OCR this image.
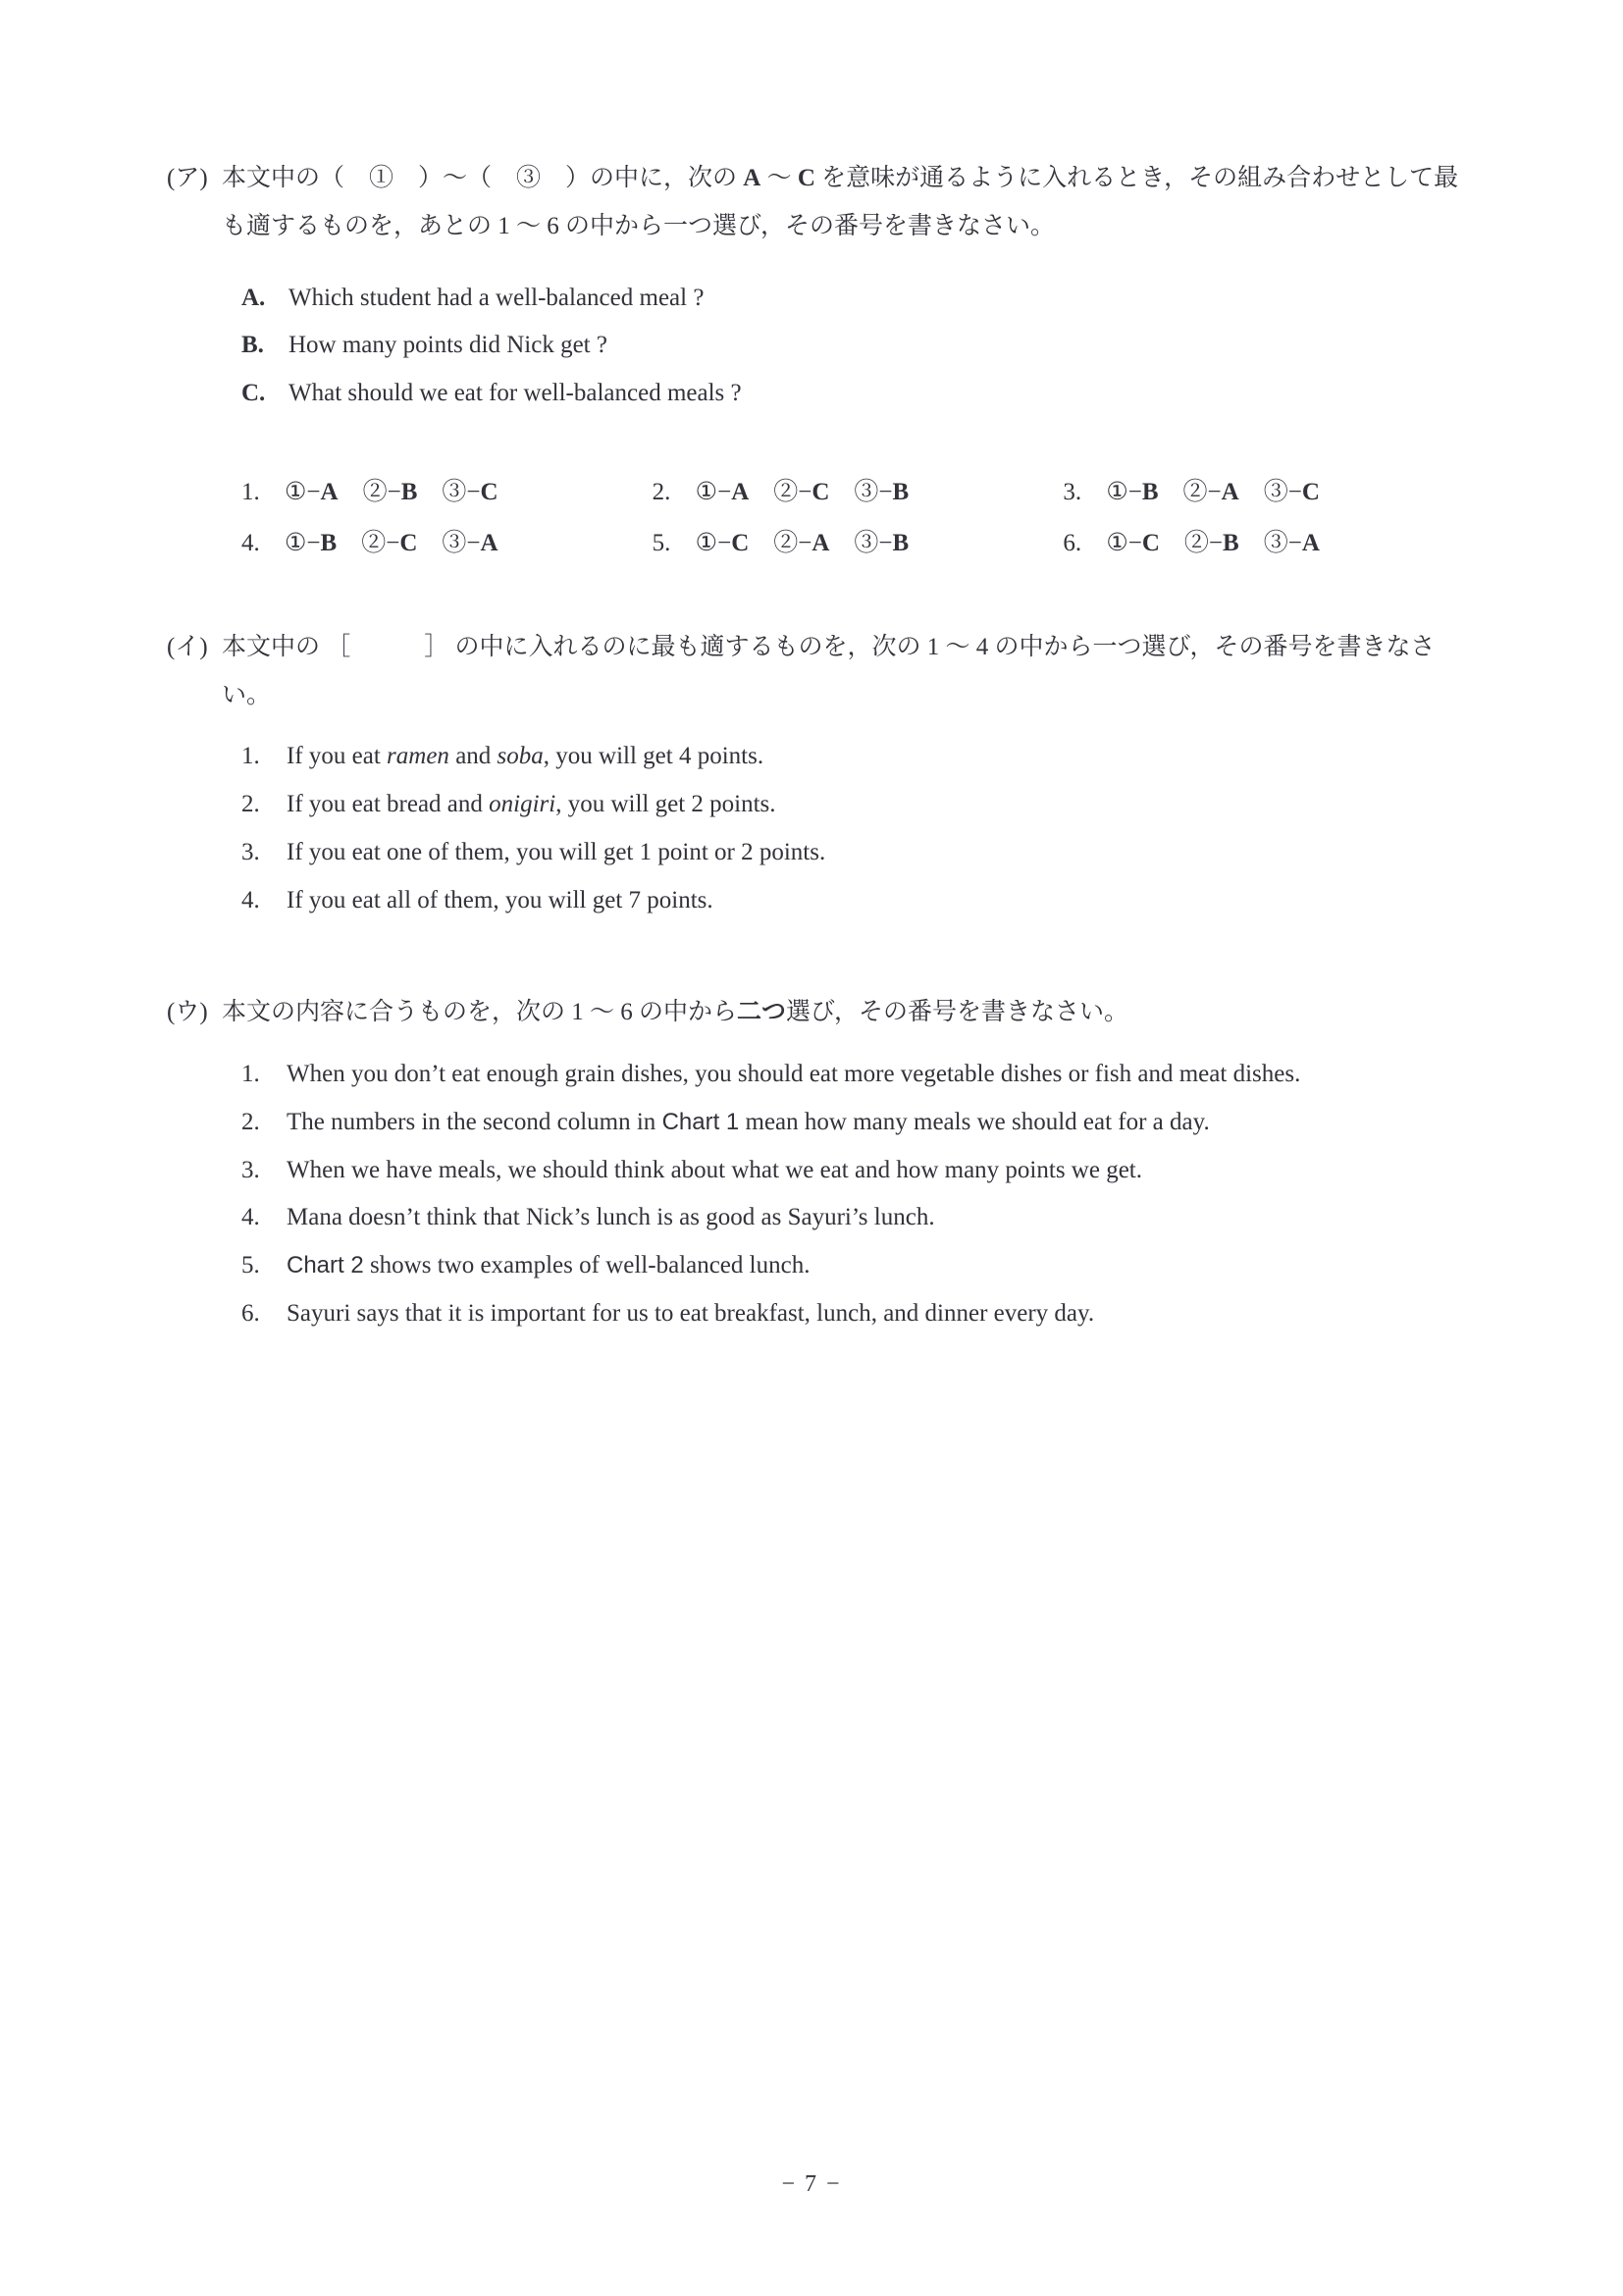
(ア) 本文中の（　①　）～（　③　）の中に，次の A ～ C を意味が通るように入れるとき，その組み合わせとして最も適するものを，あとの 1 ～ 6 の中から一つ選び，その番号を書きなさい。

A. Which student had a well-balanced meal ?
B.	How many points did Nick get ?
C. What should we eat for well-balanced meals ?
1.	①−A　②−B　③−C	2.	①−A　②−C　③−B	3.	①−B　②−A　③−C
4.	①−B　②−C　③−A	5.	①−C　②−A　③−B	6.	①−C　②−B　③−A
(イ) 本文中の ［　　　］ の中に入れるのに最も適するものを，次の 1 ～ 4 の中から一つ選び，その番号を書きなさい。

1.	If you eat ramen and soba, you will get 4 points.
2.	If you eat bread and onigiri, you will get 2 points.
3.	If you eat one of them, you will get 1 point or 2 points.
4.	If you eat all of them, you will get 7 points.
(ウ) 本文の内容に合うものを，次の 1 ～ 6 の中から二つ選び，その番号を書きなさい。

1.	When you don’t eat enough grain dishes, you should eat more vegetable dishes or fish and meat dishes.
2.	The numbers in the second column in Chart 1 mean how many meals we should eat for a day.
3.	When we have meals, we should think about what we eat and how many points we get.
4.	Mana doesn’t think that Nick’s lunch is as good as Sayuri’s lunch.
5.	Chart 2 shows two examples of well-balanced lunch.
6.	Sayuri says that it is important for us to eat breakfast, lunch, and dinner every day.
− 7 −
